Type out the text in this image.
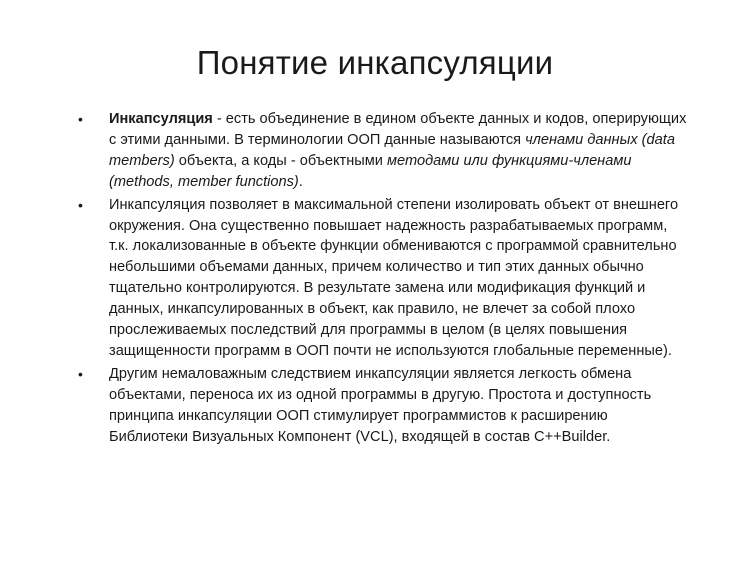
Понятие инкапсуляции
•	Инкапсуляция - есть объединение в едином объекте данных и кодов, оперирующих с этими данными. В терминологии ООП данные называются членами данных (data members) объекта, а коды - объектными методами или функциями-членами (methods, member functions).
•	Инкапсуляция позволяет в максимальной степени изолировать объект от внешнего окружения. Она существенно повышает надежность разрабатываемых программ, т.к. локализованные в объекте функции обмениваются с программой сравнительно небольшими объемами данных, причем количество и тип этих данных обычно тщательно контролируются. В результате замена или модификация функций и данных, инкапсулированных в объект, как правило, не влечет за собой плохо прослеживаемых последствий для программы в целом (в целях повышения защищенности программ в ООП почти не используются глобальные переменные).
•	Другим немаловажным следствием инкапсуляции является легкость обмена объектами, переноса их из одной программы в другую. Простота и доступность принципа инкапсуляции ООП стимулирует программистов к расширению Библиотеки Визуальных Компонент (VCL), входящей в состав C++Builder.
